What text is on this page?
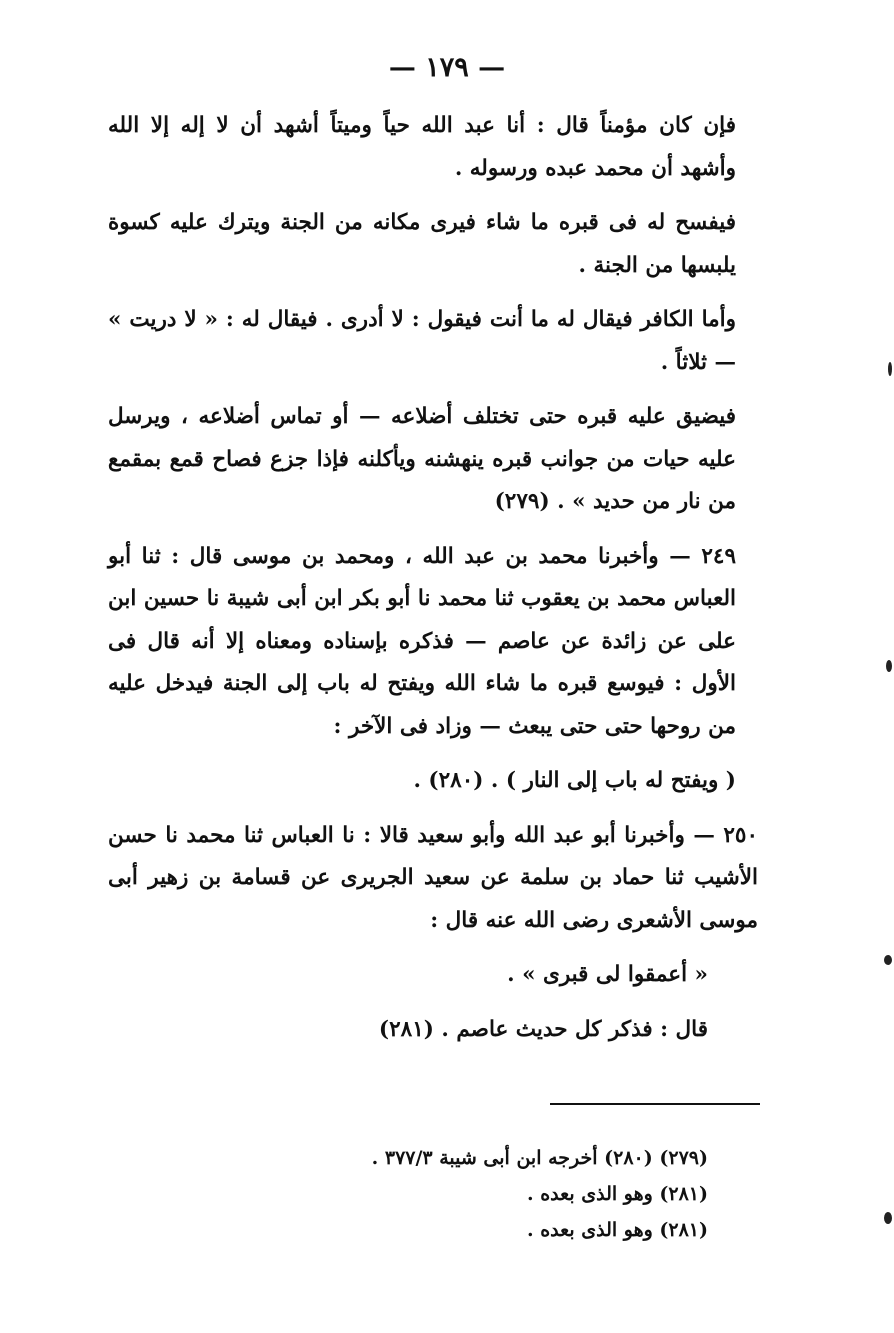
— ١٧٩ —

فإن كان مؤمناً قال : أنا عبد الله حياً وميتاً أشهد أن لا إله إلا الله وأشهد أن محمد عبده ورسوله .

فيفسح له فى قبره ما شاء فيرى مكانه من الجنة ويترك عليه كسوة يلبسها من الجنة .

وأما الكافر فيقال له ما أنت فيقول : لا أدرى . فيقال له : « لا دريت » — ثلاثاً .

فيضيق عليه قبره حتى تختلف أضلاعه — أو تماس أضلاعه ، ويرسل عليه حيات من جوانب قبره ينهشنه ويأكلنه فإذا جزع فصاح قمع بمقمع من نار من حديد » . (٢٧٩)

٢٤٩ — وأخبرنا محمد بن عبد الله ، ومحمد بن موسى قال : ثنا أبو العباس محمد بن يعقوب ثنا محمد نا أبو بكر ابن أبى شيبة نا حسين ابن على عن زائدة عن عاصم — فذكره بإسناده ومعناه إلا أنه قال فى الأول : فيوسع قبره ما شاء الله ويفتح له باب إلى الجنة فيدخل عليه من روحها حتى حتى يبعث — وزاد فى الآخر :

( ويفتح له باب إلى النار ) . (٢٨٠) .

٢٥٠ — وأخبرنا أبو عبد الله وأبو سعيد قالا : نا العباس ثنا محمد نا حسن الأشيب ثنا حماد بن سلمة عن سعيد الجريرى عن قسامة بن زهير أبى موسى الأشعرى رضى الله عنه قال :

« أعمقوا لى قبرى » .

قال : فذكر كل حديث عاصم . (٢٨١)

(٢٧٩) (٢٨٠) أخرجه ابن أبى شيبة ٣٧٧/٣ .

(٢٨١) وهو الذى بعده .

(٢٨١) وهو الذى بعده .
